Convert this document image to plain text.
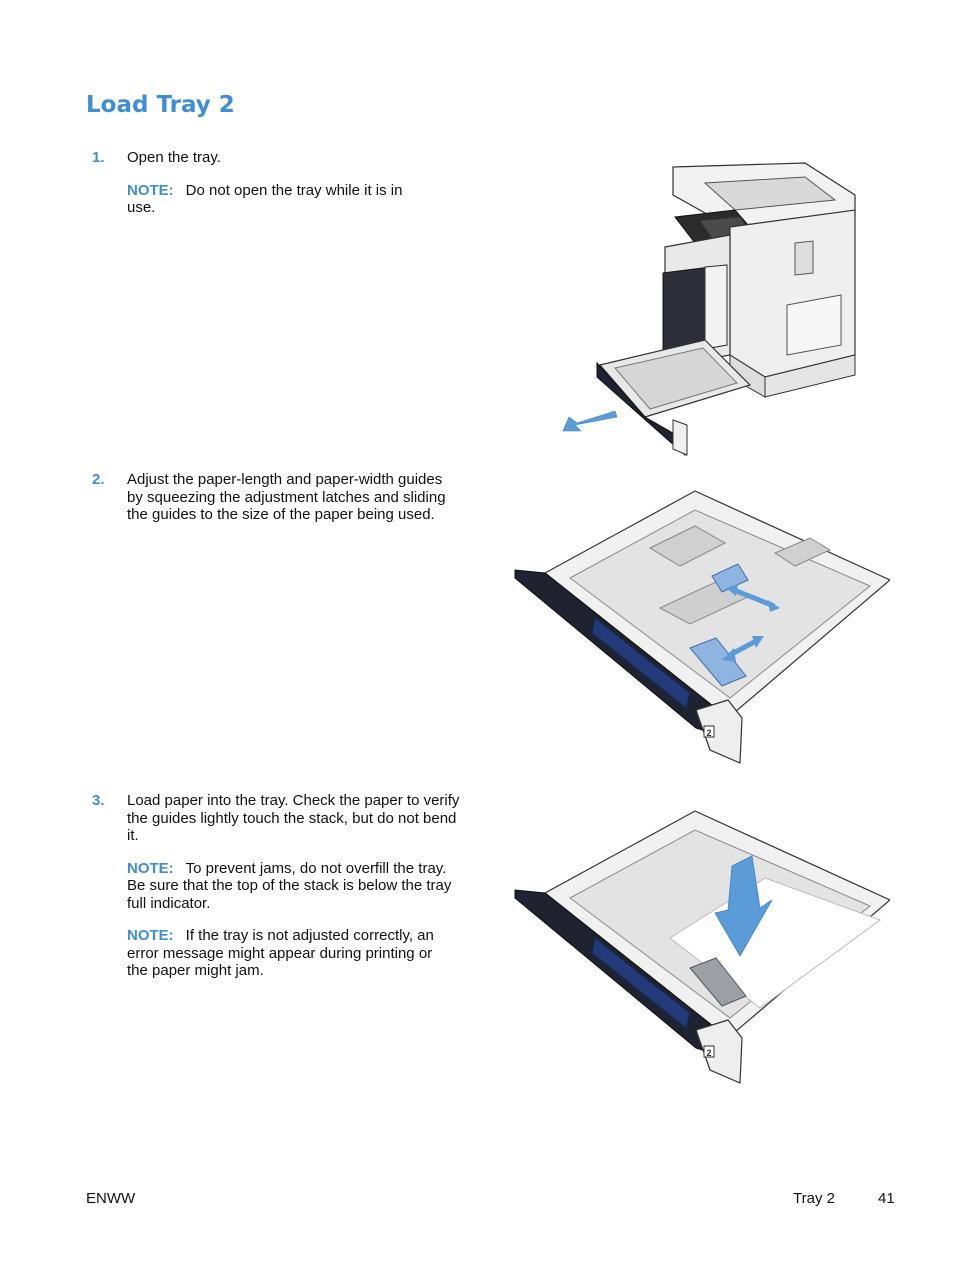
Load Tray 2
1. Open the tray.
NOTE: Do not open the tray while it is in use.
2. Adjust the paper-length and paper-width guides by squeezing the adjustment latches and sliding the guides to the size of the paper being used.
3. Load paper into the tray. Check the paper to verify the guides lightly touch the stack, but do not bend it.
NOTE: To prevent jams, do not overfill the tray. Be sure that the top of the stack is below the tray full indicator.
NOTE: If the tray is not adjusted correctly, an error message might appear during printing or the paper might jam.
2
2
ENWW	Tray 2	41
